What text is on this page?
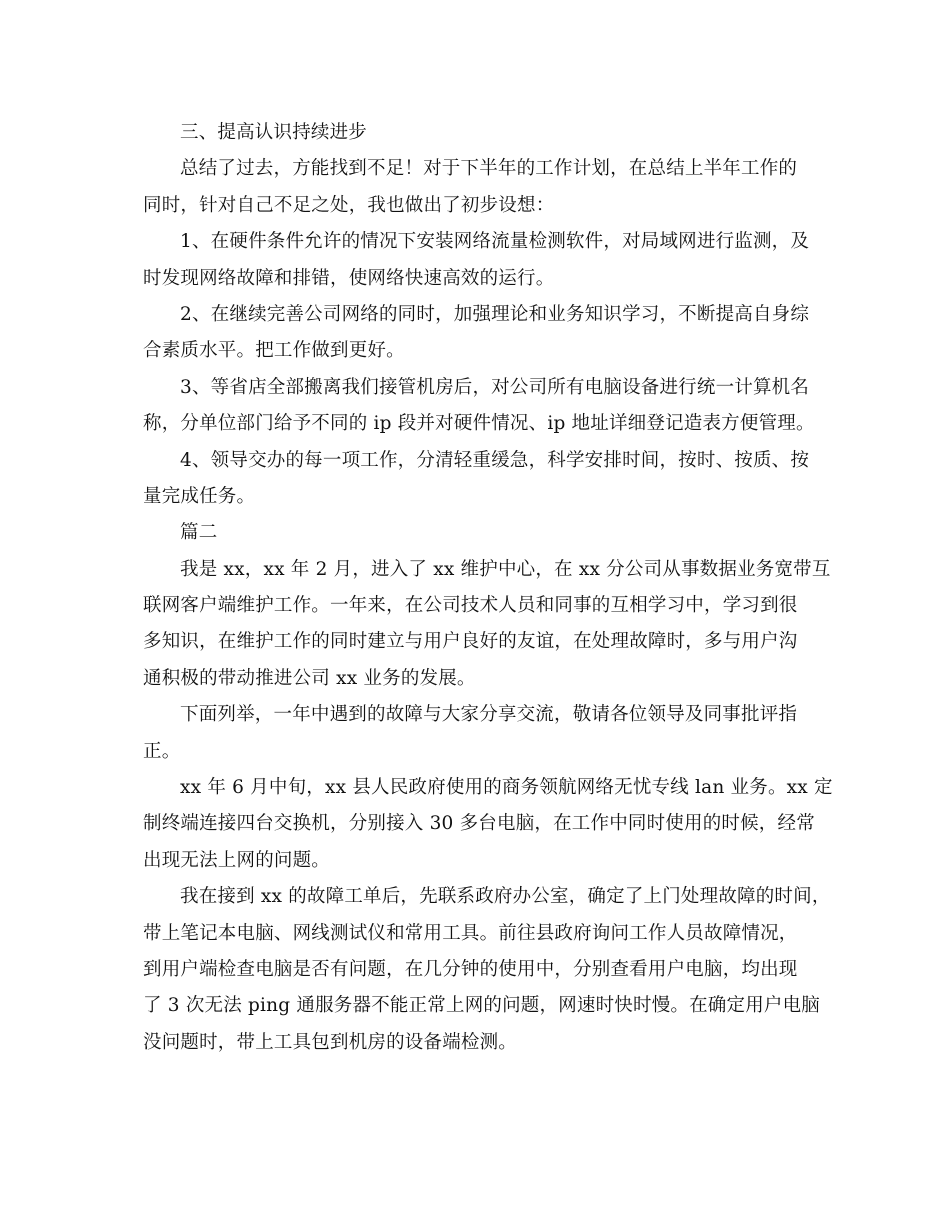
三、提高认识持续进步
总结了过去，方能找到不足！对于下半年的工作计划，在总结上半年工作的
同时，针对自己不足之处，我也做出了初步设想：
1、在硬件条件允许的情况下安装网络流量检测软件，对局域网进行监测，及
时发现网络故障和排错，使网络快速高效的运行。
2、在继续完善公司网络的同时，加强理论和业务知识学习，不断提高自身综
合素质水平。把工作做到更好。
3、等省店全部搬离我们接管机房后，对公司所有电脑设备进行统一计算机名
称，分单位部门给予不同的 ip 段并对硬件情况、ip 地址详细登记造表方便管理。
4、领导交办的每一项工作，分清轻重缓急，科学安排时间，按时、按质、按
量完成任务。
篇二
我是 xx，xx 年 2 月，进入了 xx 维护中心，在 xx 分公司从事数据业务宽带互
联网客户端维护工作。一年来，在公司技术人员和同事的互相学习中，学习到很
多知识，在维护工作的同时建立与用户良好的友谊，在处理故障时，多与用户沟
通积极的带动推进公司 xx 业务的发展。
下面列举，一年中遇到的故障与大家分享交流，敬请各位领导及同事批评指
正。
xx 年 6 月中旬，xx 县人民政府使用的商务领航网络无忧专线 lan 业务。xx 定
制终端连接四台交换机，分别接入 30 多台电脑，在工作中同时使用的时候，经常
出现无法上网的问题。
我在接到 xx 的故障工单后，先联系政府办公室，确定了上门处理故障的时间，
带上笔记本电脑、网线测试仪和常用工具。前往县政府询问工作人员故障情况，
到用户端检查电脑是否有问题，在几分钟的使用中，分别查看用户电脑，均出现
了 3 次无法 ping 通服务器不能正常上网的问题，网速时快时慢。在确定用户电脑
没问题时，带上工具包到机房的设备端检测。
